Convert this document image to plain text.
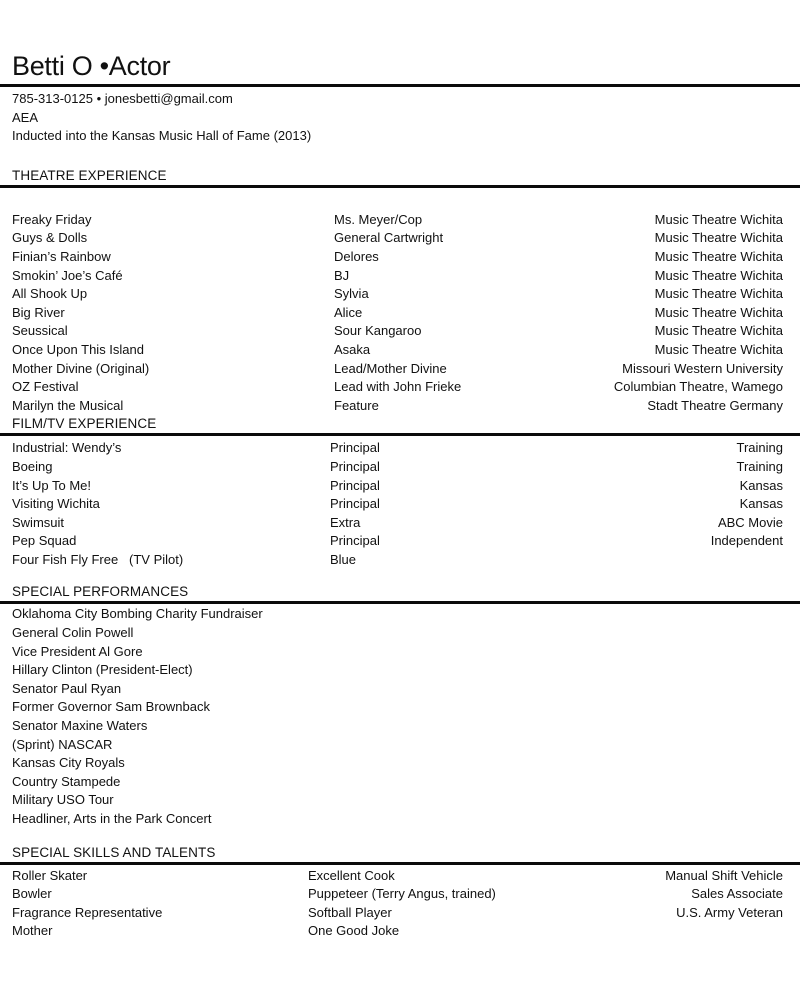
Betti O •Actor
785-313-0125 • jonesbetti@gmail.com
AEA
Inducted into the Kansas Music Hall of Fame (2013)
THEATRE EXPERIENCE
Freaky Friday	Ms. Meyer/Cop	Music Theatre Wichita
Guys & Dolls	General Cartwright	Music Theatre Wichita
Finian’s Rainbow	Delores	Music Theatre Wichita
Smokin’ Joe’s Café	BJ	Music Theatre Wichita
All Shook Up	Sylvia	Music Theatre Wichita
Big River	Alice	Music Theatre Wichita
Seussical	Sour Kangaroo	Music Theatre Wichita
Once Upon This Island	Asaka	Music Theatre Wichita
Mother Divine (Original)	Lead/Mother Divine	Missouri Western University
OZ Festival	Lead with John Frieke	Columbian Theatre, Wamego
Marilyn the Musical	Feature	Stadt Theatre Germany
FILM/TV EXPERIENCE
Industrial: Wendy’s	Principal	Training
Boeing	Principal	Training
It’s Up To Me!	Principal	Kansas
Visiting Wichita	Principal	Kansas
Swimsuit	Extra	ABC Movie
Pep Squad	Principal	Independent
Four Fish Fly Free   (TV Pilot)	Blue
SPECIAL PERFORMANCES
Oklahoma City Bombing Charity Fundraiser
General Colin Powell
Vice President Al Gore
Hillary Clinton (President-Elect)
Senator Paul Ryan
Former Governor Sam Brownback
Senator Maxine Waters
(Sprint) NASCAR
Kansas City Royals
Country Stampede
Military USO Tour
Headliner, Arts in the Park Concert
SPECIAL SKILLS AND TALENTS
Roller Skater	Excellent Cook	Manual Shift Vehicle
Bowler	Puppeteer (Terry Angus, trained)	Sales Associate
Fragrance Representative	Softball Player	U.S. Army Veteran
Mother	One Good Joke
